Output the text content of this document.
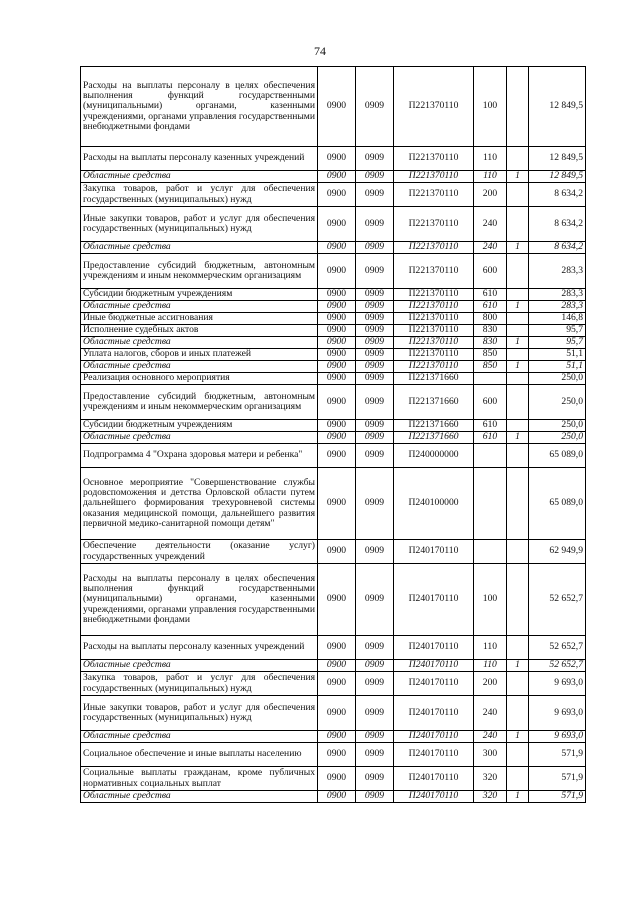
74
Расходы на выплаты персоналу в целях обеспечения выполнения функций государственными (муниципальными) органами, казенными учреждениями, органами управления государственными внебюджетными фондами	0900	0909	П221370110	100		12 849,5
Расходы на выплаты персоналу казенных учреждений	0900	0909	П221370110	110		12 849,5
Областные средства	0900	0909	П221370110	110	1	12 849,5
Закупка товаров, работ и услуг для обеспечения государственных (муниципальных) нужд	0900	0909	П221370110	200		8 634,2
Иные закупки товаров, работ и услуг для обеспечения государственных (муниципальных) нужд	0900	0909	П221370110	240		8 634,2
Областные средства	0900	0909	П221370110	240	1	8 634,2
Предоставление субсидий бюджетным, автономным учреждениям и иным некоммерческим организациям	0900	0909	П221370110	600		283,3
Субсидии бюджетным учреждениям	0900	0909	П221370110	610		283,3
Областные средства	0900	0909	П221370110	610	1	283,3
Иные бюджетные ассигнования	0900	0909	П221370110	800		146,8
Исполнение судебных актов	0900	0909	П221370110	830		95,7
Областные средства	0900	0909	П221370110	830	1	95,7
Уплата налогов, сборов и иных платежей	0900	0909	П221370110	850		51,1
Областные средства	0900	0909	П221370110	850	1	51,1
Реализация основного мероприятия	0900	0909	П221371660			250,0
Предоставление субсидий бюджетным, автономным учреждениям и иным некоммерческим организациям	0900	0909	П221371660	600		250,0
Субсидии бюджетным учреждениям	0900	0909	П221371660	610		250,0
Областные средства	0900	0909	П221371660	610	1	250,0
Подпрограмма 4 "Охрана здоровья матери и ребенка"	0900	0909	П240000000			65 089,0
Основное мероприятие "Совершенствование службы родовспоможения и детства Орловской области путем дальнейшего формирования трехуровневой системы оказания медицинской помощи, дальнейшего развития первичной медико-санитарной помощи детям"	0900	0909	П240100000			65 089,0
Обеспечение деятельности (оказание услуг) государственных учреждений	0900	0909	П240170110			62 949,9
Расходы на выплаты персоналу в целях обеспечения выполнения функций государственными (муниципальными) органами, казенными учреждениями, органами управления государственными внебюджетными фондами	0900	0909	П240170110	100		52 652,7
Расходы на выплаты персоналу казенных учреждений	0900	0909	П240170110	110		52 652,7
Областные средства	0900	0909	П240170110	110	1	52 652,7
Закупка товаров, работ и услуг для обеспечения государственных (муниципальных) нужд	0900	0909	П240170110	200		9 693,0
Иные закупки товаров, работ и услуг для обеспечения государственных (муниципальных) нужд	0900	0909	П240170110	240		9 693,0
Областные средства	0900	0909	П240170110	240	1	9 693,0
Социальное обеспечение и иные выплаты населению	0900	0909	П240170110	300		571,9
Социальные выплаты гражданам, кроме публичных нормативных социальных выплат	0900	0909	П240170110	320		571,9
Областные средства	0900	0909	П240170110	320	1	571,9
